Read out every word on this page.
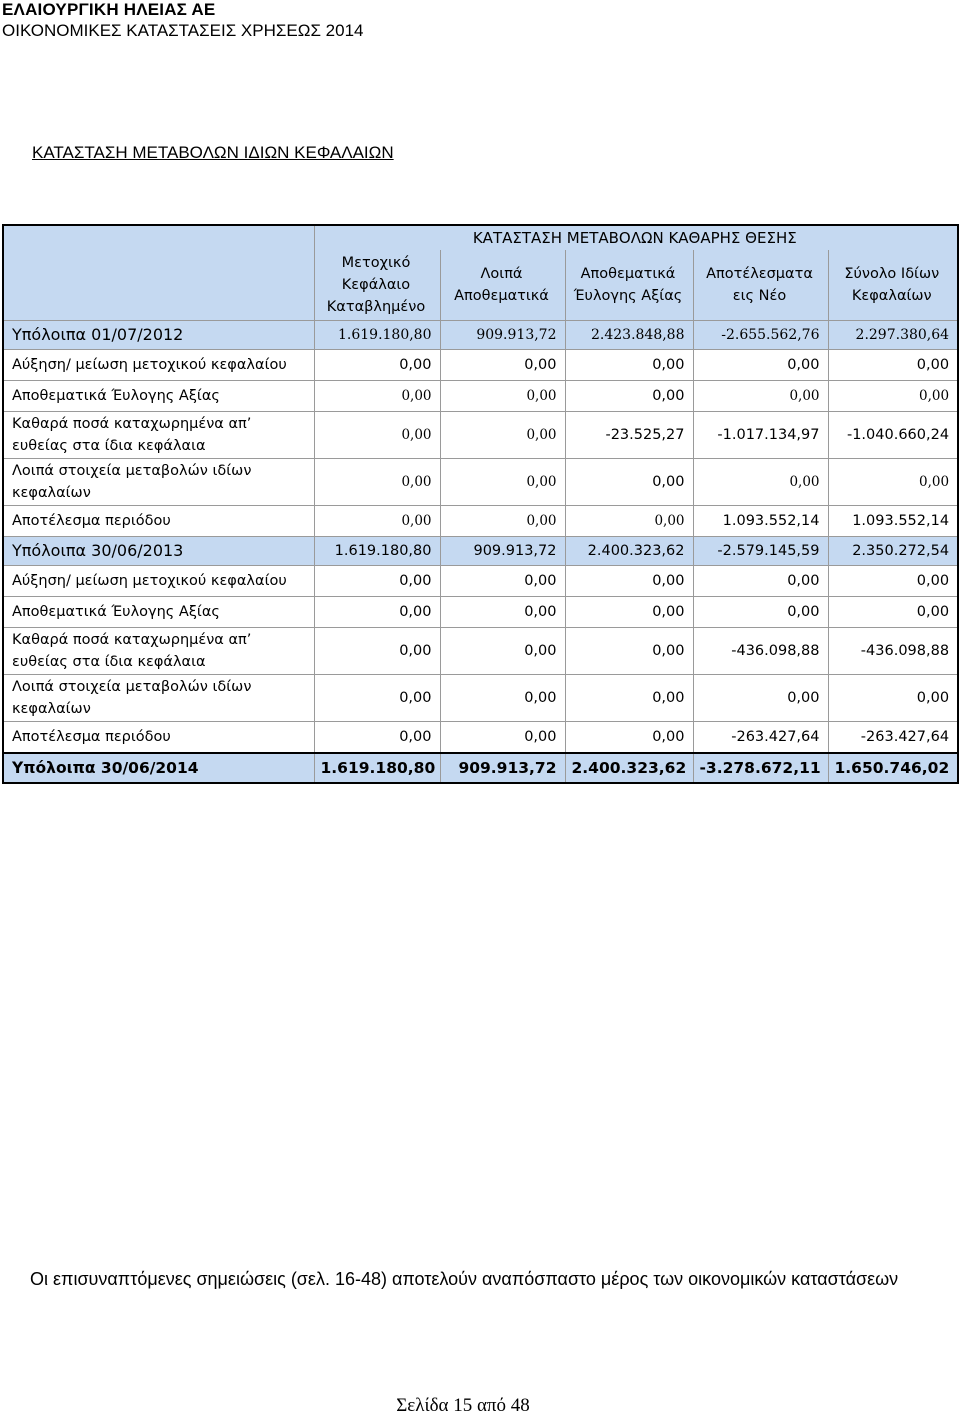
ΕΛΑΙΟΥΡΓΙΚΗ ΗΛΕΙΑΣ ΑΕ
ΟΙΚΟΝΟΜΙΚΕΣ ΚΑΤΑΣΤΑΣΕΙΣ ΧΡΗΣΕΩΣ 2014
ΚΑΤΑΣΤΑΣΗ ΜΕΤΑΒΟΛΩΝ ΙΔΙΩΝ ΚΕΦΑΛΑΙΩΝ
	ΚΑΤΑΣΤΑΣΗ ΜΕΤΑΒΟΛΩΝ ΚΑΘΑΡΗΣ ΘΕΣΗΣ				
	Μετοχικό Κεφάλαιο Καταβλημένο	Λοιπά Αποθεματικά	Αποθεματικά Έυλογης Αξίας	Αποτέλεσματα εις Νέο	Σύνολο Ιδίων Κεφαλαίων
Υπόλοιπα 01/07/2012	1.619.180,80	909.913,72	2.423.848,88	-2.655.562,76	2.297.380,64
Αύξηση/ μείωση μετοχικού κεφαλαίου	0,00	0,00	0,00	0,00	0,00
Αποθεματικά Έυλογης Αξίας	0,00	0,00	0,00	0,00	0,00
Καθαρά ποσά καταχωρημένα απ’ ευθείας στα ίδια κεφάλαια	0,00	0,00	-23.525,27	-1.017.134,97	-1.040.660,24
Λοιπά στοιχεία μεταβολών ιδίων κεφαλαίων	0,00	0,00	0,00	0,00	0,00
Αποτέλεσμα περιόδου	0,00	0,00	0,00	1.093.552,14	1.093.552,14
Υπόλοιπα 30/06/2013	1.619.180,80	909.913,72	2.400.323,62	-2.579.145,59	2.350.272,54
Αύξηση/ μείωση μετοχικού κεφαλαίου	0,00	0,00	0,00	0,00	0,00
Αποθεματικά Έυλογης Αξίας	0,00	0,00	0,00	0,00	0,00
Καθαρά ποσά καταχωρημένα απ’ ευθείας στα ίδια κεφάλαια	0,00	0,00	0,00	-436.098,88	-436.098,88
Λοιπά στοιχεία μεταβολών ιδίων κεφαλαίων	0,00	0,00	0,00	0,00	0,00
Αποτέλεσμα περιόδου	0,00	0,00	0,00	-263.427,64	-263.427,64
Υπόλοιπα 30/06/2014	1.619.180,80	909.913,72	2.400.323,62	-3.278.672,11	1.650.746,02
Οι επισυναπτόμενες σημειώσεις (σελ. 16-48) αποτελούν αναπόσπαστο μέρος των οικονομικών καταστάσεων
Σελίδα 15 από 48
